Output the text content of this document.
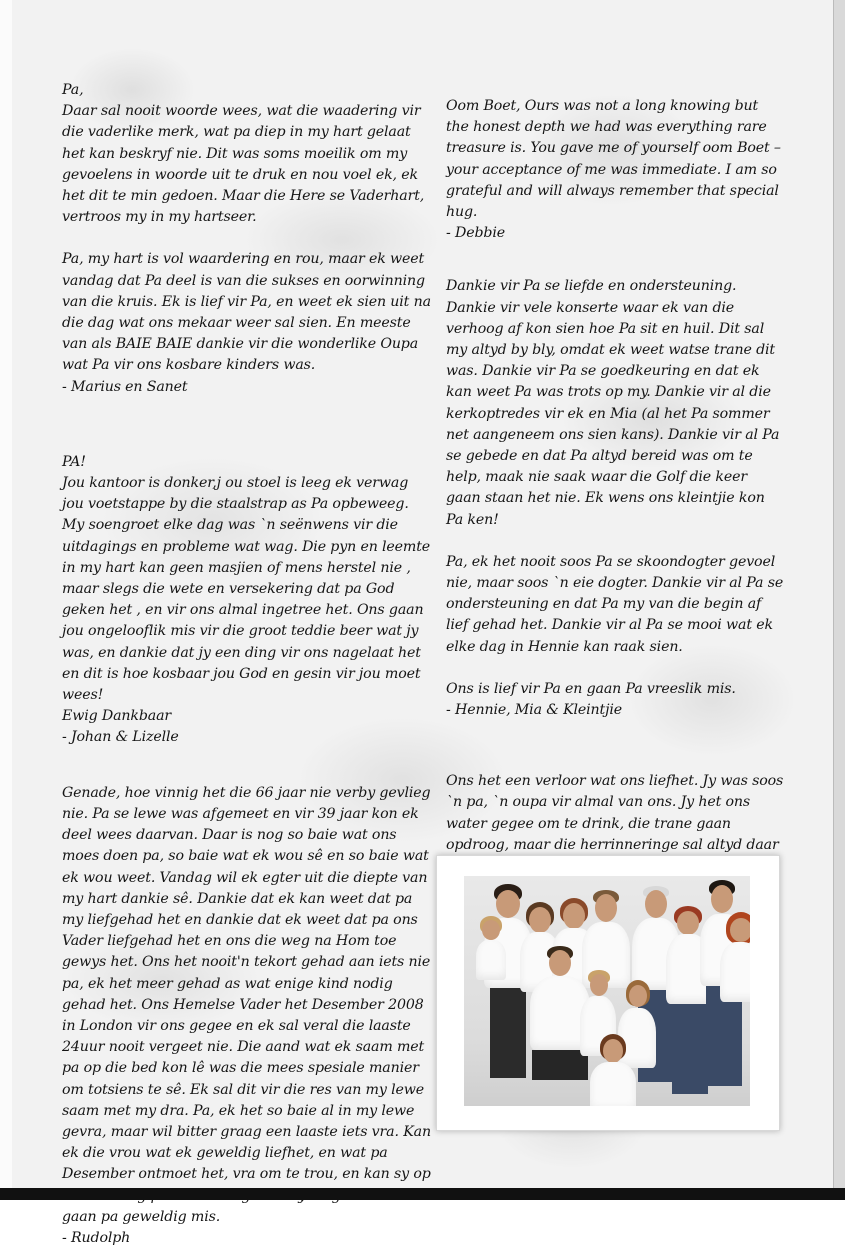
Pa,

Daar sal nooit woorde wees, wat die waadering vir die vaderlike merk, wat pa diep in my hart gelaat het kan beskryf nie. Dit was soms moeilik om my gevoelens in woorde uit te druk en nou voel ek, ek het dit te min gedoen. Maar die Here se Vaderhart, vertroos my in my hartseer.

Pa, my hart is vol waardering en rou, maar ek weet vandag dat Pa deel is van die sukses en oorwinning van die kruis. Ek is lief vir Pa, en weet ek sien uit na die dag wat ons mekaar weer sal sien. En meeste van als BAIE BAIE dankie vir die wonderlike Oupa wat Pa vir ons kosbare kinders was.

- Marius en Sanet

PA!

Jou kantoor is donker,j ou stoel is leeg ek verwag jou voetstappe by die staalstrap as Pa opbeweeg. My soengroet elke dag was `n seënwens vir die uitdagings en probleme wat wag. Die pyn en leemte in my hart kan geen masjien of mens herstel nie , maar slegs die wete en versekering dat pa God geken het , en vir ons almal ingetree het. Ons gaan jou ongelooflik mis vir die groot teddie beer wat jy was, en dankie dat jy een ding vir ons nagelaat het en dit is hoe kosbaar jou God en gesin vir jou moet wees!

Ewig Dankbaar

- Johan & Lizelle

Genade, hoe vinnig het die 66 jaar nie verby gevlieg nie. Pa se lewe was afgemeet en vir 39 jaar kon ek deel wees daarvan. Daar is nog so baie wat ons moes doen pa, so baie wat ek wou sê en so baie wat ek wou weet. Vandag wil ek egter uit die diepte van my hart dankie sê. Dankie dat ek kan weet dat pa my liefgehad het en dankie dat ek weet dat pa ons Vader liefgehad het en ons die weg na Hom toe gewys het. Ons het nooit'n tekort gehad aan iets nie pa, ek het meer gehad as wat enige kind nodig gehad het. Ons Hemelse Vader het Desember 2008 in London vir ons gegee en ek sal veral die laaste 24uur nooit vergeet nie. Die aand wat ek saam met pa op die bed kon lê was die mees spesiale manier om totsiens te sê. Ek sal dit vir die res van my lewe saam met my dra. Pa, ek het so baie al in my lewe gevra, maar wil bitter graag een laaste iets vra. Kan ek die vrou wat ek geweldig liefhet, en wat pa Desember ontmoet het, vra om te trou, en kan sy op gaan pa geweldig mis.

- Rudolph

Oom Boet, Ours was not a long knowing but the honest depth we had was everything rare treasure is. You gave me of yourself oom Boet – your acceptance of me was immediate. I am so grateful and will always remember that special hug.

- Debbie

Dankie vir Pa se liefde en ondersteuning. Dankie vir vele konserte waar ek van die verhoog af kon sien hoe Pa sit en huil. Dit sal my altyd by bly, omdat ek weet watse trane dit was. Dankie vir Pa se goedkeuring en dat ek kan weet Pa was trots op my. Dankie vir al die kerkoptredes vir ek en Mia (al het Pa sommer net aangeneem ons sien kans). Dankie vir al Pa se gebede en dat Pa altyd bereid was om te help, maak nie saak waar die Golf die keer gaan staan het nie. Ek wens ons kleintjie kon Pa ken!

Pa, ek het nooit soos Pa se skoondogter gevoel nie, maar soos `n eie dogter. Dankie vir al Pa se ondersteuning en dat Pa my van die begin af lief gehad het. Dankie vir al Pa se mooi wat ek elke dag in Hennie kan raak sien.

Ons is lief vir Pa en gaan Pa vreeslik mis.

- Hennie, Mia & Kleintjie

Ons het een verloor wat ons liefhet. Jy was soos `n pa, `n oupa vir almal van ons. Jy het ons water gegee om te drink, die trane gaan opdroog, maar die herrinneringe sal altyd daar
